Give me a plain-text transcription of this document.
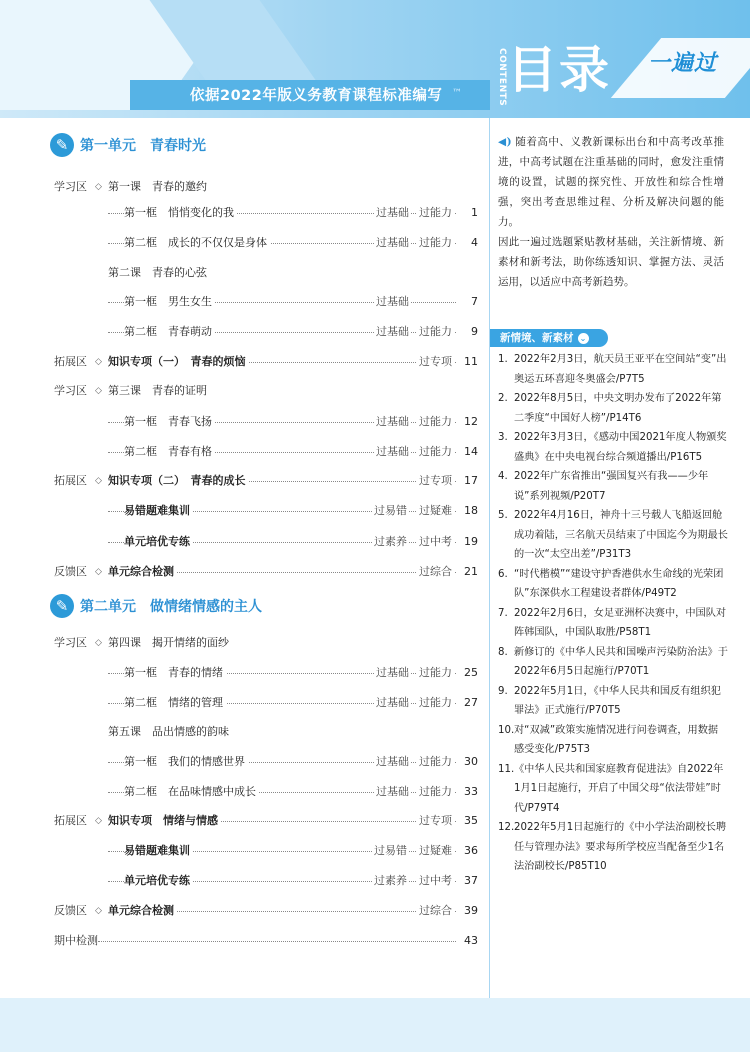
依据2022年版义务教育课程标准编写 ™	CONTENTS 目录 一遍过
✎ 第一单元　青春时光
✎ 第二单元　做情绪情感的主人
学习区 ◇ 第一课　青春的邀约
第一框　悄悄变化的我	过基础 过能力	1
第二框　成长的不仅仅是身体	过基础 过能力	4
第二课　青春的心弦
第一框　男生女生	过基础	7
第二框　青春萌动	过基础 过能力	9
拓展区 ◇ 知识专项（一）　青春的烦恼	过专项	11
学习区 ◇ 第三课　青春的证明
第一框　青春飞扬	过基础 过能力	12
第二框　青春有格	过基础 过能力	14
拓展区 ◇ 知识专项（二）　青春的成长	过专项	17
易错题难集训	过易错 过疑难	18
单元培优专练	过素养 过中考	19
反馈区 ◇ 单元综合检测	过综合	21
学习区 ◇ 第四课　揭开情绪的面纱
第一框　青春的情绪	过基础 过能力	25
第二框　情绪的管理	过基础 过能力	27
第五课　品出情感的韵味
第一框　我们的情感世界	过基础 过能力	30
第二框　在品味情感中成长	过基础 过能力	33
拓展区 ◇ 知识专项　情绪与情感	过专项	35
易错题难集训	过易错 过疑难	36
单元培优专练	过素养 过中考	37
反馈区 ◇ 单元综合检测	过综合	39
期中检测	43

◀) 随着高中、义教新课标出台和中高考改革推进，中高考试题在注重基础的同时，愈发注重情境的设置，试题的探究性、开放性和综合性增强，突出考查思维过程、分析及解决问题的能力。

因此一遍过选题紧贴教材基础，关注新情境、新素材和新考法，助你练透知识、掌握方法、灵活运用，以适应中高考新趋势。

新情境、新素材 ⌄
1. 2022年2月3日，航天员王亚平在空间站“变”出奥运五环喜迎冬奥盛会/P7T5
2. 2022年8月5日，中央文明办发布了2022年第二季度“中国好人榜”/P14T6
3. 2022年3月3日，《感动中国2021年度人物颁奖盛典》在中央电视台综合频道播出/P16T5
4. 2022年广东省推出“强国复兴有我——少年说”系列视频/P20T7
5. 2022年4月16日，神舟十三号载人飞船返回舱成功着陆，三名航天员结束了中国迄今为期最长的一次“太空出差”/P31T3
6. “时代楷模”“建设守护香港供水生命线的光荣团队”东深供水工程建设者群体/P49T2
7. 2022年2月6日，女足亚洲杯决赛中，中国队对阵韩国队，中国队取胜/P58T1
8. 新修订的《中华人民共和国噪声污染防治法》于2022年6月5日起施行/P70T1
9. 2022年5月1日，《中华人民共和国反有组织犯罪法》正式施行/P70T5
10. 对“双减”政策实施情况进行问卷调查，用数据感受变化/P75T3
11. 《中华人民共和国家庭教育促进法》自2022年1月1日起施行，开启了中国父母“依法带娃”时代/P79T4
12. 2022年5月1日起施行的《中小学法治副校长聘任与管理办法》要求每所学校应当配备至少1名法治副校长/P85T10
